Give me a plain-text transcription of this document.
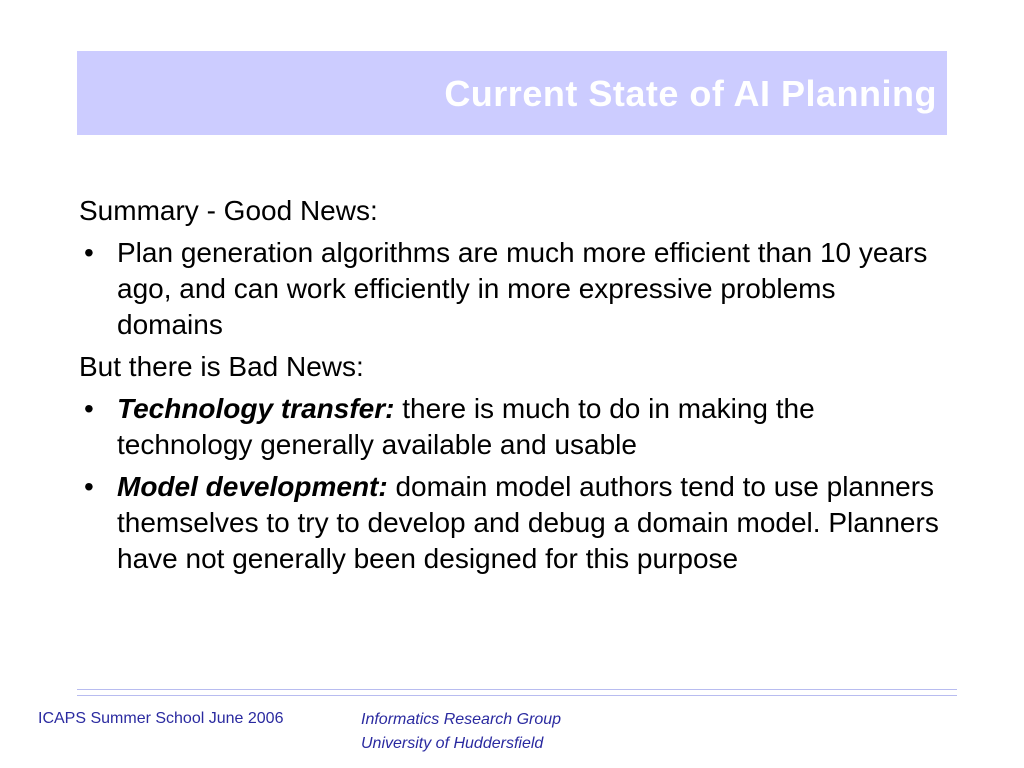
Current State of AI Planning

Summary - Good News:

• Plan generation algorithms are much more efficient than 10 years ago, and can work efficiently in more expressive problems domains

But there is Bad News:

• Technology transfer: there is much to do in making the technology generally available and usable
• Model development: domain model authors tend to use planners themselves to try to develop and debug a domain model. Planners have not generally been designed for this purpose
ICAPS Summer School June 2006	Informatics Research Group
University of Huddersfield
